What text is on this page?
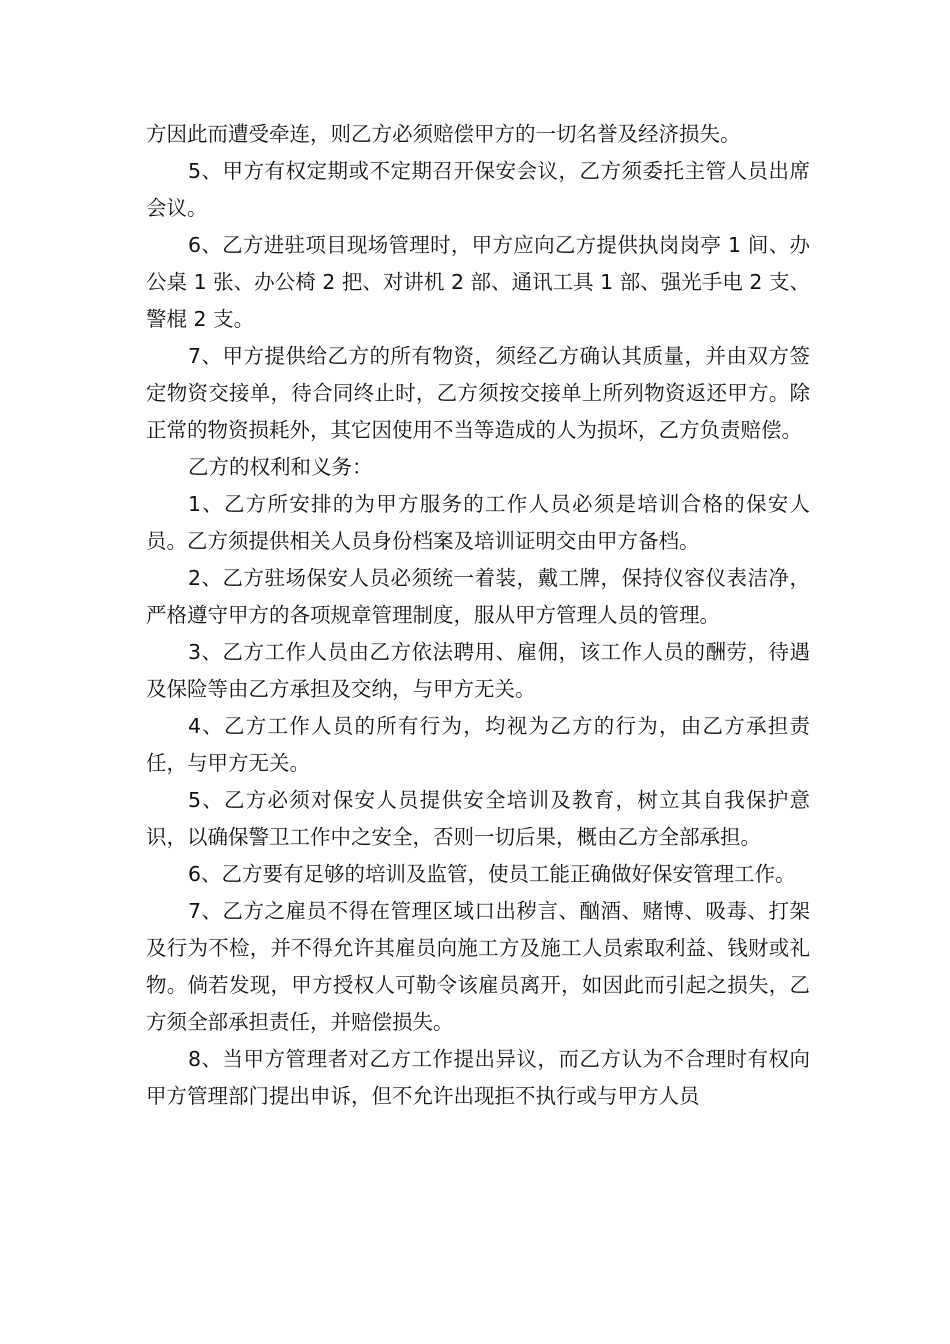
方因此而遭受牵连，则乙方必须赔偿甲方的一切名誉及经济损失。

5、甲方有权定期或不定期召开保安会议，乙方须委托主管人员出席会议。

6、乙方进驻项目现场管理时，甲方应向乙方提供执岗岗亭 1 间、办公桌 1 张、办公椅 2 把、对讲机 2 部、通讯工具 1 部、强光手电 2 支、警棍 2 支。

7、甲方提供给乙方的所有物资，须经乙方确认其质量，并由双方签定物资交接单，待合同终止时，乙方须按交接单上所列物资返还甲方。除正常的物资损耗外，其它因使用不当等造成的人为损坏，乙方负责赔偿。

乙方的权利和义务：

1、乙方所安排的为甲方服务的工作人员必须是培训合格的保安人员。乙方须提供相关人员身份档案及培训证明交由甲方备档。

2、乙方驻场保安人员必须统一着装，戴工牌，保持仪容仪表洁净，严格遵守甲方的各项规章管理制度，服从甲方管理人员的管理。

3、乙方工作人员由乙方依法聘用、雇佣，该工作人员的酬劳，待遇及保险等由乙方承担及交纳，与甲方无关。

4、乙方工作人员的所有行为，均视为乙方的行为，由乙方承担责任，与甲方无关。

5、乙方必须对保安人员提供安全培训及教育，树立其自我保护意识，以确保警卫工作中之安全，否则一切后果，概由乙方全部承担。

6、乙方要有足够的培训及监管，使员工能正确做好保安管理工作。

7、乙方之雇员不得在管理区域口出秽言、酗酒、赌博、吸毒、打架及行为不检，并不得允许其雇员向施工方及施工人员索取利益、钱财或礼物。倘若发现，甲方授权人可勒令该雇员离开，如因此而引起之损失，乙方须全部承担责任，并赔偿损失。

8、当甲方管理者对乙方工作提出异议，而乙方认为不合理时有权向甲方管理部门提出申诉，但不允许出现拒不执行或与甲方人员
